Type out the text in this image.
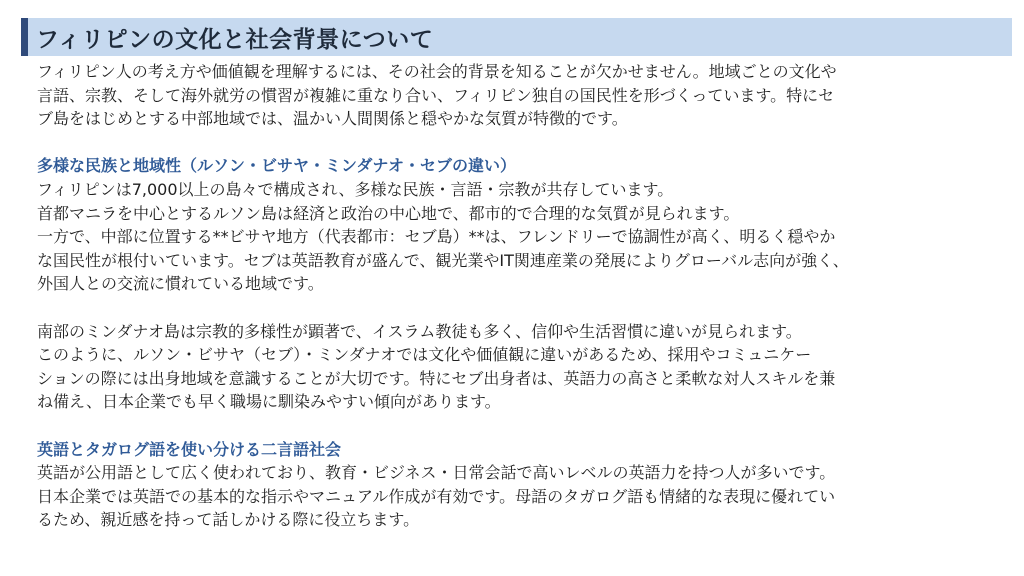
フィリピンの文化と社会背景について

フィリピン人の考え方や価値観を理解するには、その社会的背景を知ることが欠かせません。地域ごとの文化や
言語、宗教、そして海外就労の慣習が複雑に重なり合い、フィリピン独自の国民性を形づくっています。特にセ
ブ島をはじめとする中部地域では、温かい人間関係と穏やかな気質が特徴的です。

多様な民族と地域性（ルソン・ビサヤ・ミンダナオ・セブの違い）

フィリピンは7,000以上の島々で構成され、多様な民族・言語・宗教が共存しています。
首都マニラを中心とするルソン島は経済と政治の中心地で、都市的で合理的な気質が見られます。
一方で、中部に位置する**ビサヤ地方（代表都市：セブ島）**は、フレンドリーで協調性が高く、明るく穏やか
な国民性が根付いています。セブは英語教育が盛んで、観光業やIT関連産業の発展によりグローバル志向が強く、
外国人との交流に慣れている地域です。

南部のミンダナオ島は宗教的多様性が顕著で、イスラム教徒も多く、信仰や生活習慣に違いが見られます。
このように、ルソン・ビサヤ（セブ）・ミンダナオでは文化や価値観に違いがあるため、採用やコミュニケー
ションの際には出身地域を意識することが大切です。特にセブ出身者は、英語力の高さと柔軟な対人スキルを兼
ね備え、日本企業でも早く職場に馴染みやすい傾向があります。

英語とタガログ語を使い分ける二言語社会

英語が公用語として広く使われており、教育・ビジネス・日常会話で高いレベルの英語力を持つ人が多いです。
日本企業では英語での基本的な指示やマニュアル作成が有効です。母語のタガログ語も情緒的な表現に優れてい
るため、親近感を持って話しかける際に役立ちます。
